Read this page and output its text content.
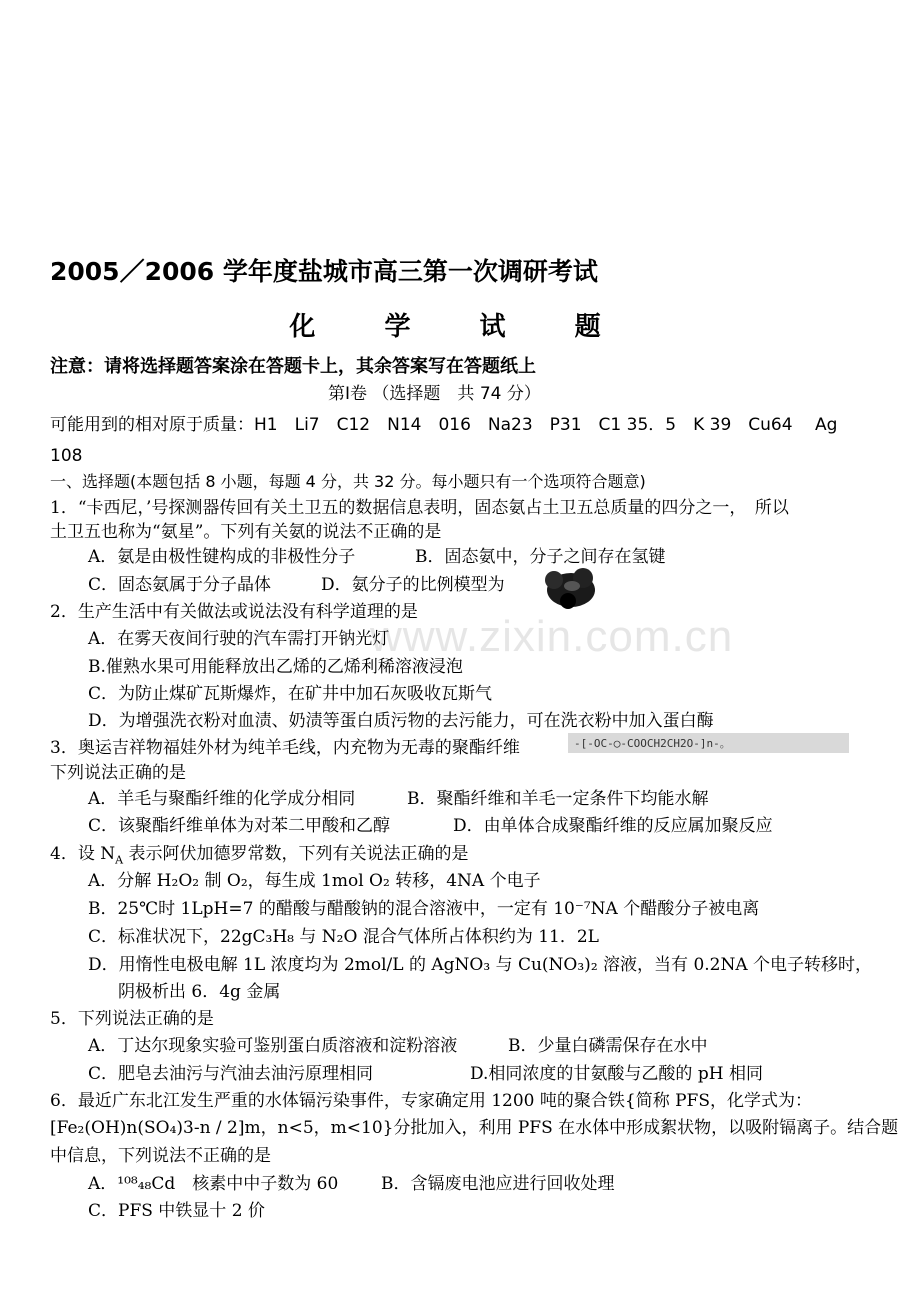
2005／2006 学年度盐城市高三第一次调研考试
化 学 试 题
注意：请将选择题答案涂在答题卡上，其余答案写在答题纸上
第Ⅰ卷 （选择题　共 74 分）
可能用到的相对原于质量：H1　Li7　C12　N14　016　Na23　P31　C1 35．5　K 39　Cu64　 Ag
108
一、选择题(本题包括 8 小题，每题 4 分，共 32 分。每小题只有一个选项符合题意)
www.zixin.com.cn
1．“卡西尼，’号探测器传回有关土卫五的数据信息表明，固态氨占土卫五总质量的四分之一，　所以
土卫五也称为“氨星”。下列有关氨的说法不正确的是
A．氨是由极性键构成的非极性分子	B．固态氨中，分子之间存在氢键
C．固态氨属于分子晶体	D．氨分子的比例模型为
2．生产生活中有关做法或说法没有科学道理的是
A．在雾天夜间行驶的汽车需打开钠光灯
B.催熟水果可用能释放出乙烯的乙烯利稀溶液浸泡
C．为防止煤矿瓦斯爆炸，在矿井中加石灰吸收瓦斯气
D．为增强洗衣粉对血渍、奶渍等蛋白质污物的去污能力，可在洗衣粉中加入蛋白酶
3．奥运吉祥物福娃外材为纯羊毛线，内充物为无毒的聚酯纤维	-[-OC-◯-COOCH2CH2O-]n-。
下列说法正确的是
A．羊毛与聚酯纤维的化学成分相同	B．聚酯纤维和羊毛一定条件下均能水解
C．该聚酯纤维单体为对苯二甲酸和乙醇	D．由单体合成聚酯纤维的反应属加聚反应
4．设 $N_A$ 表示阿伏加德罗常数，下列有关说法正确的是
A．分解 H₂O₂ 制 O₂，每生成 1mol O₂ 转移，4NA 个电子
B．25℃时 1LpH=7 的醋酸与醋酸钠的混合溶液中，一定有 10⁻⁷NA 个醋酸分子被电离
C．标准状况下，22gC₃H₈ 与 N₂O 混合气体所占体积约为 11．2L
D．用惰性电极电解 1L 浓度均为 2mol/L 的 AgNO₃ 与 Cu(NO₃)₂ 溶液，当有 0.2NA 个电子转移时，
阴极析出 6．4g 金属
5．下列说法正确的是
A．丁达尔现象实验可鉴别蛋白质溶液和淀粉溶液	B．少量白磷需保存在水中
C．肥皂去油污与汽油去油污原理相同	D.相同浓度的甘氨酸与乙酸的 pH 相同
6．最近广东北江发生严重的水体镉污染事件，专家确定用 1200 吨的聚合铁{简称 PFS，化学式为：
[Fe₂(OH)n(SO₄)3-n / 2]m，n<5，m<10}分批加入，利用 PFS 在水体中形成絮状物，以吸附镉离子。结合题
中信息，下列说法不正确的是
A．¹⁰⁸₄₈Cd　核素中中子数为 60	B．含镉废电池应进行回收处理
C．PFS 中铁显十 2 价
